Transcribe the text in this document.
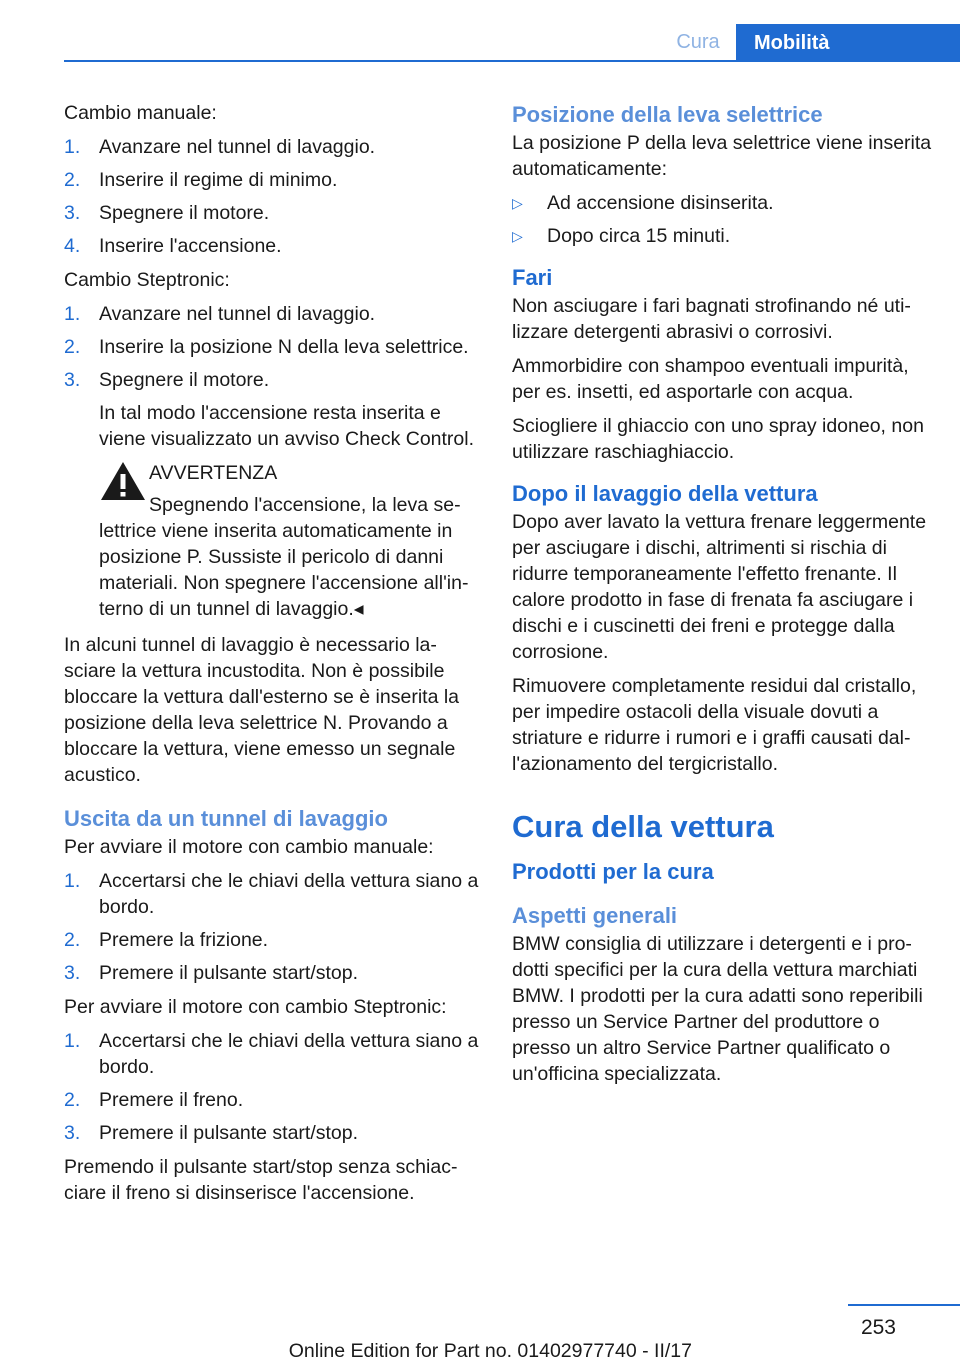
Cura	Mobilità

Cambio manuale:

1. Avanzare nel tunnel di lavaggio.
2. Inserire il regime di minimo.
3. Spegnere il motore.
4. Inserire l'accensione.

Cambio Steptronic:

1. Avanzare nel tunnel di lavaggio.
2. Inserire la posizione N della leva selettrice.
3. Spegnere il motore.
In tal modo l'accensione resta inserita e viene visualizzato un avviso Check Control.
AVVERTENZA
Spegnendo l'accensione, la leva selettrice viene inserita automaticamente in posizione P. Sussiste il pericolo di danni materiali. Non spegnere l'accensione all'interno di un tunnel di lavaggio.◂

In alcuni tunnel di lavaggio è necessario lasciare la vettura incustodita. Non è possibile bloccare la vettura dall'esterno se è inserita la posizione della leva selettrice N. Provando a bloccare la vettura, viene emesso un segnale acustico.

Uscita da un tunnel di lavaggio

Per avviare il motore con cambio manuale:

1. Accertarsi che le chiavi della vettura siano a bordo.
2. Premere la frizione.
3. Premere il pulsante start/stop.

Per avviare il motore con cambio Steptronic:

1. Accertarsi che le chiavi della vettura siano a bordo.
2. Premere il freno.
3. Premere il pulsante start/stop.

Premendo il pulsante start/stop senza schiacciare il freno si disinserisce l'accensione.

Posizione della leva selettrice

La posizione P della leva selettrice viene inserita automaticamente:

▷ Ad accensione disinserita.
▷ Dopo circa 15 minuti.
Fari

Non asciugare i fari bagnati strofinando né utilizzare detergenti abrasivi o corrosivi.

Ammorbidire con shampoo eventuali impurità, per es. insetti, ed asportarle con acqua.

Sciogliere il ghiaccio con uno spray idoneo, non utilizzare raschiaghiaccio.

Dopo il lavaggio della vettura

Dopo aver lavato la vettura frenare leggermente per asciugare i dischi, altrimenti si rischia di ridurre temporaneamente l'effetto frenante. Il calore prodotto in fase di frenata fa asciugare i dischi e i cuscinetti dei freni e protegge dalla corrosione.

Rimuovere completamente residui dal cristallo, per impedire ostacoli della visuale dovuti a striature e ridurre i rumori e i graffi causati dall'azionamento del tergicristallo.

Cura della vettura
Prodotti per la cura
Aspetti generali

BMW consiglia di utilizzare i detergenti e i prodotti specifici per la cura della vettura marchiati BMW. I prodotti per la cura adatti sono reperibili presso un Service Partner del produttore o presso un altro Service Partner qualificato o un'officina specializzata.

253
Online Edition for Part no. 01402977740 - II/17
